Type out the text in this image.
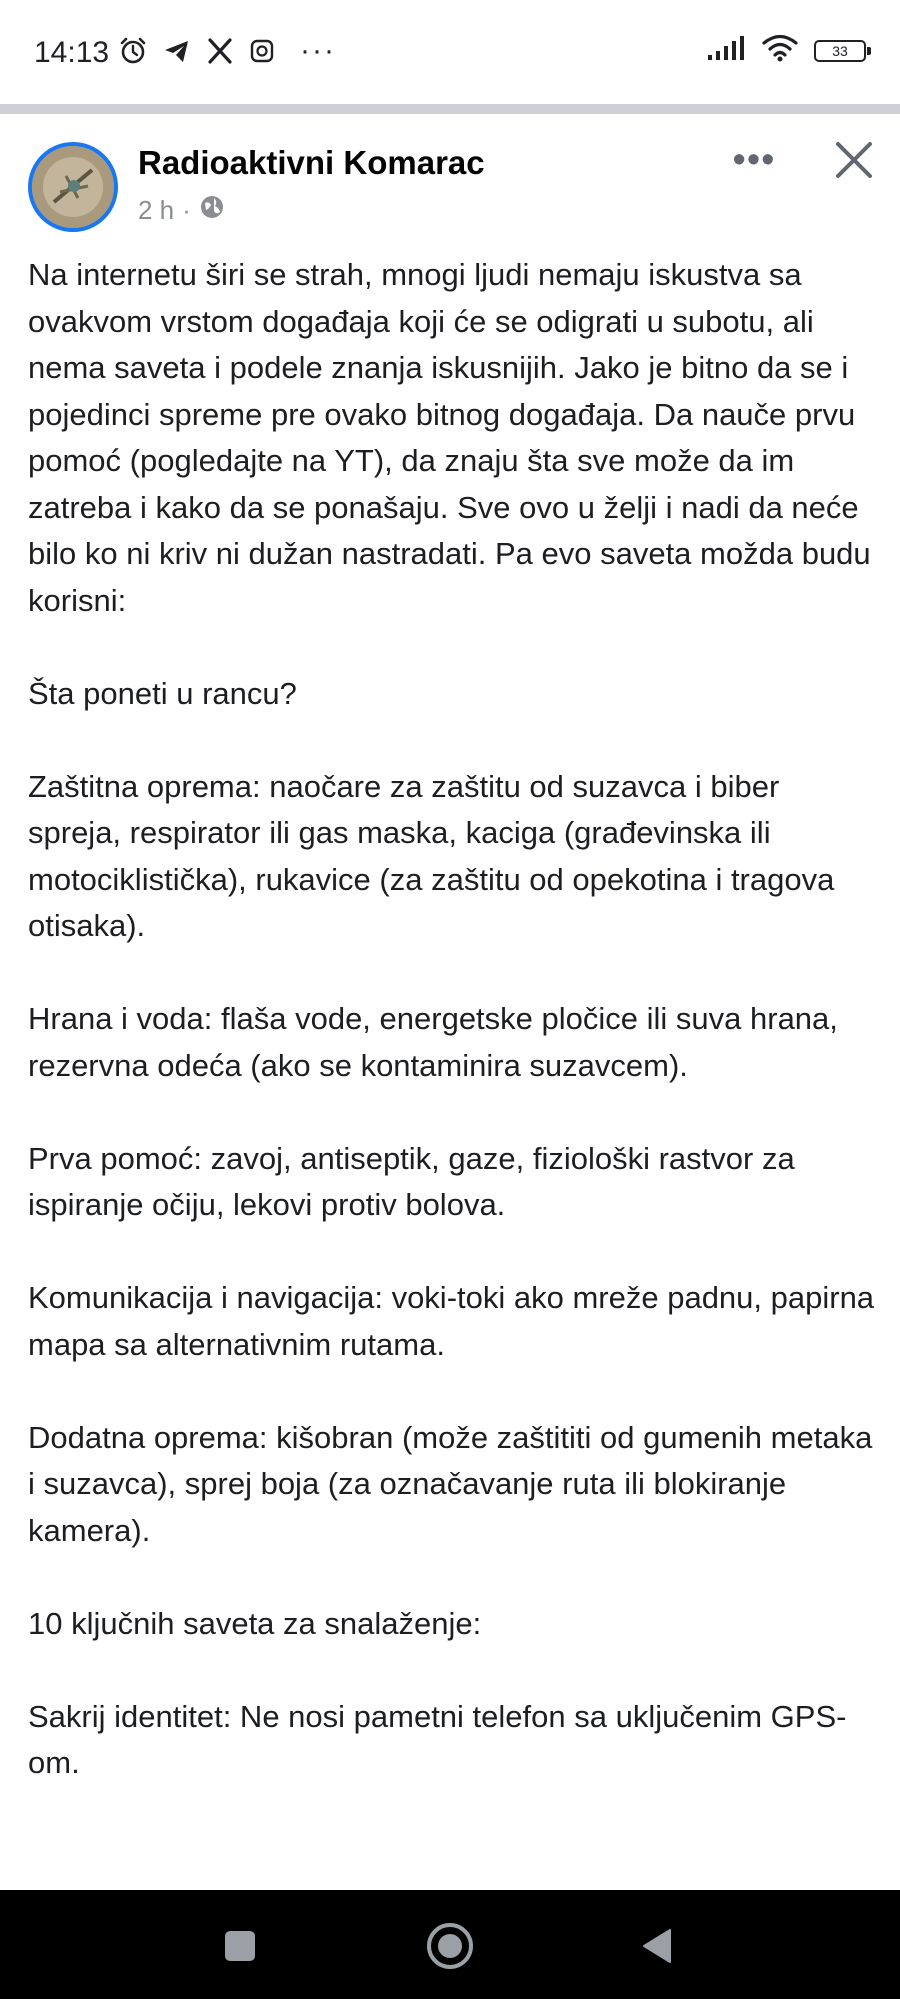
14:13	···	33
Radioaktivni Komarac
2 h ·
•••

Na internetu širi se strah, mnogi ljudi nemaju iskustva sa ovakvom vrstom događaja koji će se odigrati u subotu, ali nema saveta i podele znanja iskusnijih. Jako je bitno da se i pojedinci spreme pre ovako bitnog događaja. Da nauče prvu pomoć (pogledajte na YT), da znaju šta sve može da im zatreba i kako da se ponašaju. Sve ovo u želji i nadi da neće bilo ko ni kriv ni dužan nastradati. Pa evo saveta možda budu korisni:

Šta poneti u rancu?

Zaštitna oprema: naočare za zaštitu od suzavca i biber spreja, respirator ili gas maska, kaciga (građevinska ili motociklistička), rukavice (za zaštitu od opekotina i tragova otisaka).

Hrana i voda: flaša vode, energetske pločice ili suva hrana, rezervna odeća (ako se kontaminira suzavcem).

Prva pomoć: zavoj, antiseptik, gaze, fiziološki rastvor za ispiranje očiju, lekovi protiv bolova.

Komunikacija i navigacija: voki-toki ako mreže padnu, papirna mapa sa alternativnim rutama.

Dodatna oprema: kišobran (može zaštititi od gumenih metaka i suzavca), sprej boja (za označavanje ruta ili blokiranje kamera).

10 ključnih saveta za snalaženje:

Sakrij identitet: Ne nosi pametni telefon sa uključenim GPS-om.
